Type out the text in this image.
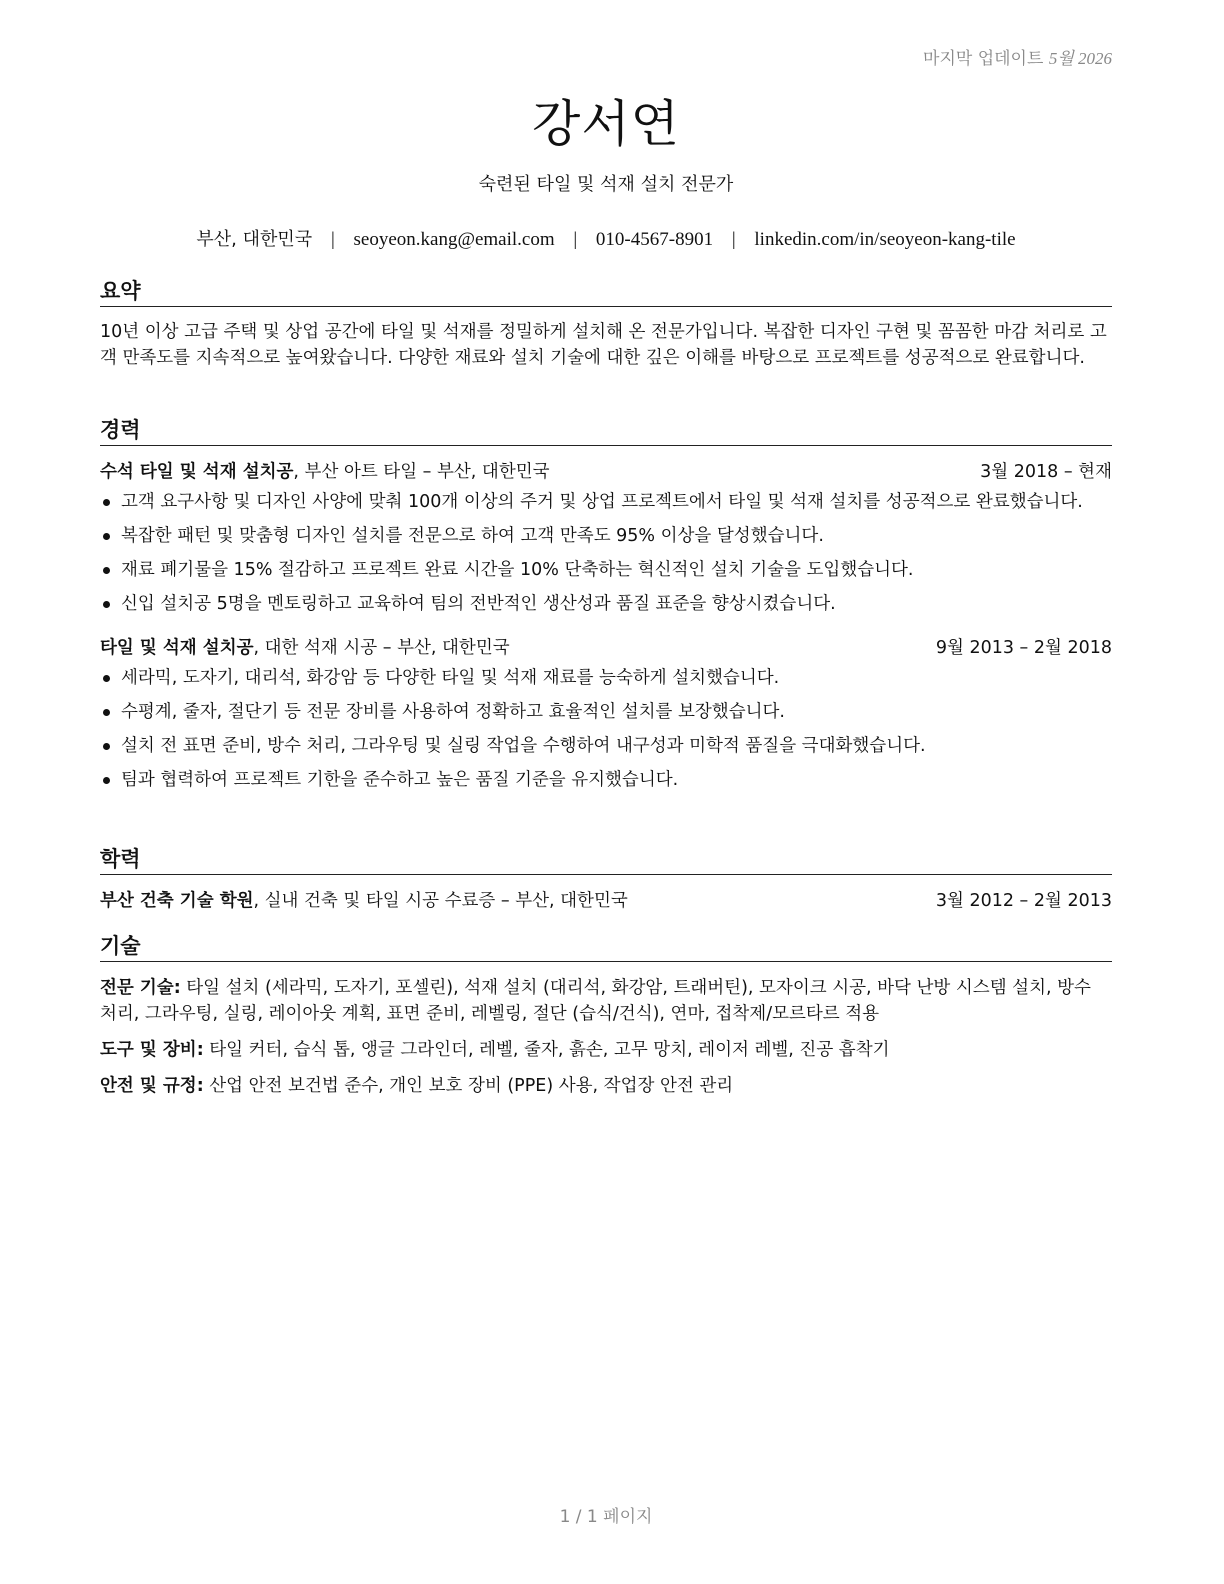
마지막 업데이트 5월 2026
강서연
숙련된 타일 및 석재 설치 전문가
부산, 대한민국 | seoyeon.kang@email.com | 010-4567-8901 | linkedin.com/in/seoyeon-kang-tile
요약
10년 이상 고급 주택 및 상업 공간에 타일 및 석재를 정밀하게 설치해 온 전문가입니다. 복잡한 디자인 구현 및 꼼꼼한 마감 처리로 고객 만족도를 지속적으로 높여왔습니다. 다양한 재료와 설치 기술에 대한 깊은 이해를 바탕으로 프로젝트를 성공적으로 완료합니다.
경력
수석 타일 및 석재 설치공, 부산 아트 타일 – 부산, 대한민국	3월 2018 – 현재
고객 요구사항 및 디자인 사양에 맞춰 100개 이상의 주거 및 상업 프로젝트에서 타일 및 석재 설치를 성공적으로 완료했습니다.
복잡한 패턴 및 맞춤형 디자인 설치를 전문으로 하여 고객 만족도 95% 이상을 달성했습니다.
재료 폐기물을 15% 절감하고 프로젝트 완료 시간을 10% 단축하는 혁신적인 설치 기술을 도입했습니다.
신입 설치공 5명을 멘토링하고 교육하여 팀의 전반적인 생산성과 품질 표준을 향상시켰습니다.
타일 및 석재 설치공, 대한 석재 시공 – 부산, 대한민국	9월 2013 – 2월 2018
세라믹, 도자기, 대리석, 화강암 등 다양한 타일 및 석재 재료를 능숙하게 설치했습니다.
수평계, 줄자, 절단기 등 전문 장비를 사용하여 정확하고 효율적인 설치를 보장했습니다.
설치 전 표면 준비, 방수 처리, 그라우팅 및 실링 작업을 수행하여 내구성과 미학적 품질을 극대화했습니다.
팀과 협력하여 프로젝트 기한을 준수하고 높은 품질 기준을 유지했습니다.
학력
부산 건축 기술 학원, 실내 건축 및 타일 시공 수료증 – 부산, 대한민국	3월 2012 – 2월 2013
기술
전문 기술: 타일 설치 (세라믹, 도자기, 포셀린), 석재 설치 (대리석, 화강암, 트래버틴), 모자이크 시공, 바닥 난방 시스템 설치, 방수 처리, 그라우팅, 실링, 레이아웃 계획, 표면 준비, 레벨링, 절단 (습식/건식), 연마, 접착제/모르타르 적용
도구 및 장비: 타일 커터, 습식 톱, 앵글 그라인더, 레벨, 줄자, 흙손, 고무 망치, 레이저 레벨, 진공 흡착기
안전 및 규정: 산업 안전 보건법 준수, 개인 보호 장비 (PPE) 사용, 작업장 안전 관리
1 / 1 페이지
